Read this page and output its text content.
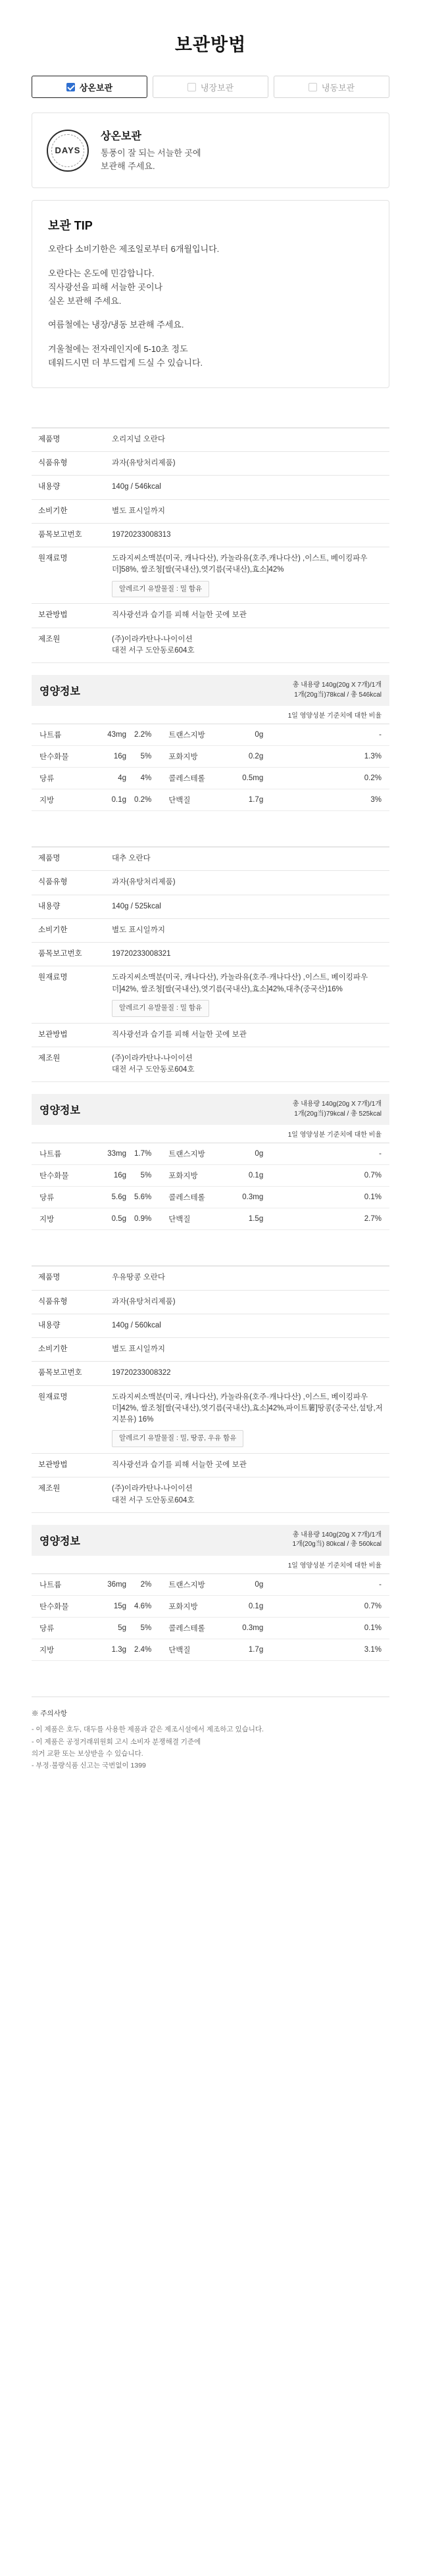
보관방법
상온보관	냉장보관	냉동보관
DAYS
상온보관
통풍이 잘 되는 서늘한 곳에
보관해 주세요.
보관 TIP

오란다 소비기한은 제조일로부터 6개월입니다.

오란다는 온도에 민감합니다.
직사광선을 피해 서늘한 곳이나
실온 보관해 주세요.

여름철에는 냉장/냉동 보관해 주세요.

겨울철에는 전자레인지에 5-10초 정도
데워드시면 더 부드럽게 드실 수 있습니다.

제품명	오리지널 오란다
식품유형	과자(유탕처리제품)
내용량	140g / 546kcal
소비기한	별도 표시일까지
품목보고번호	19720233008313
원재료명	도라지씨소맥분(미국, 캐나다산), 카놀라유(호주,캐나다산) ,이스트, 베이킹파우더]58%, 쌀조청[쌀(국내산),엿기름(국내산),효소]42%
알레르기 유발물질 : 밀 함유
보관방법	직사광선과 습기를 피해 서늘한 곳에 보관
제조원	(주)이라카탄나-나이이션
대전 서구 도안동로604호
영양정보
총 내용량 140g(20g X 7개)/1개
1개(20g当)78kcal / 총 546kcal
1일 영양성분 기준치에 대한 비율
나트륨	43mg	2.2%	트랜스지방	0g	-
탄수화물	16g	5%	포화지방	0.2g	1.3%
당류	4g	4%	콜레스테롤	0.5mg	0.2%
지방	0.1g	0.2%	단백질	1.7g	3%
제품명	대추 오란다
식품유형	과자(유탕처리제품)
내용량	140g / 525kcal
소비기한	별도 표시일까지
품목보고번호	19720233008321
원재료명	도라지씨소맥분(미국, 캐나다산), 카놀라유(호주·캐나다산) ,이스트, 베이킹파우더]42%, 쌀조청[쌀(국내산),엿기름(국내산),효소]42%,대추(중국산)16%
알레르기 유발물질 : 밀 함유
보관방법	직사광선과 습기를 피해 서늘한 곳에 보관
제조원	(주)이라카탄나-나이이션
대전 서구 도안동로604호
영양정보
총 내용량 140g(20g X 7개)/1개
1개(20g当)79kcal / 총 525kcal
1일 영양성분 기준치에 대한 비율
나트륨	33mg	1.7%	트랜스지방	0g	-
탄수화물	16g	5%	포화지방	0.1g	0.7%
당류	5.6g	5.6%	콜레스테롤	0.3mg	0.1%
지방	0.5g	0.9%	단백질	1.5g	2.7%
제품명	우유땅콩 오란다
식품유형	과자(유탕처리제품)
내용량	140g / 560kcal
소비기한	별도 표시일까지
품목보고번호	19720233008322
원재료명	도라지씨소맥분(미국, 캐나다산), 카놀라유(호주·캐나다산) ,이스트, 베이킹파우더]42%, 쌀조청[쌀(국내산),엿기름(국내산),효소]42%,﻿파이트薯]땅콩(중국산,설탕,저지분유) 16%
알레르기 유발물질 : 밀, 땅콩, 우유 함유
보관방법	직사광선과 습기를 피해 서늘한 곳에 보관
제조원	(주)이라카탄나-나이이션
대전 서구 도안동로604호
영양정보
총 내용량 140g(20g X 7개)/1개
1개(20g当) 80kcal / 총 560kcal
1일 영양성분 기준치에 대한 비율
나트륨	36mg	2%	트랜스지방	0g	-
탄수화물	15g	4.6%	포화지방	0.1g	0.7%
당류	5g	5%	콜레스테롤	0.3mg	0.1%
지방	1.3g	2.4%	단백질	1.7g	3.1%
※ 주의사항
- 이 제품은 호두, 대두를 사용한 제품과 같은 제조시설에서 제조하고 있습니다.
- 이 제품은 공정거래위원회 고시 소비자 분쟁해결 기준에
의거 교환 또는 보상받을 수 있습니다.
- 부정·불량식품 신고는 국번없이 1399
